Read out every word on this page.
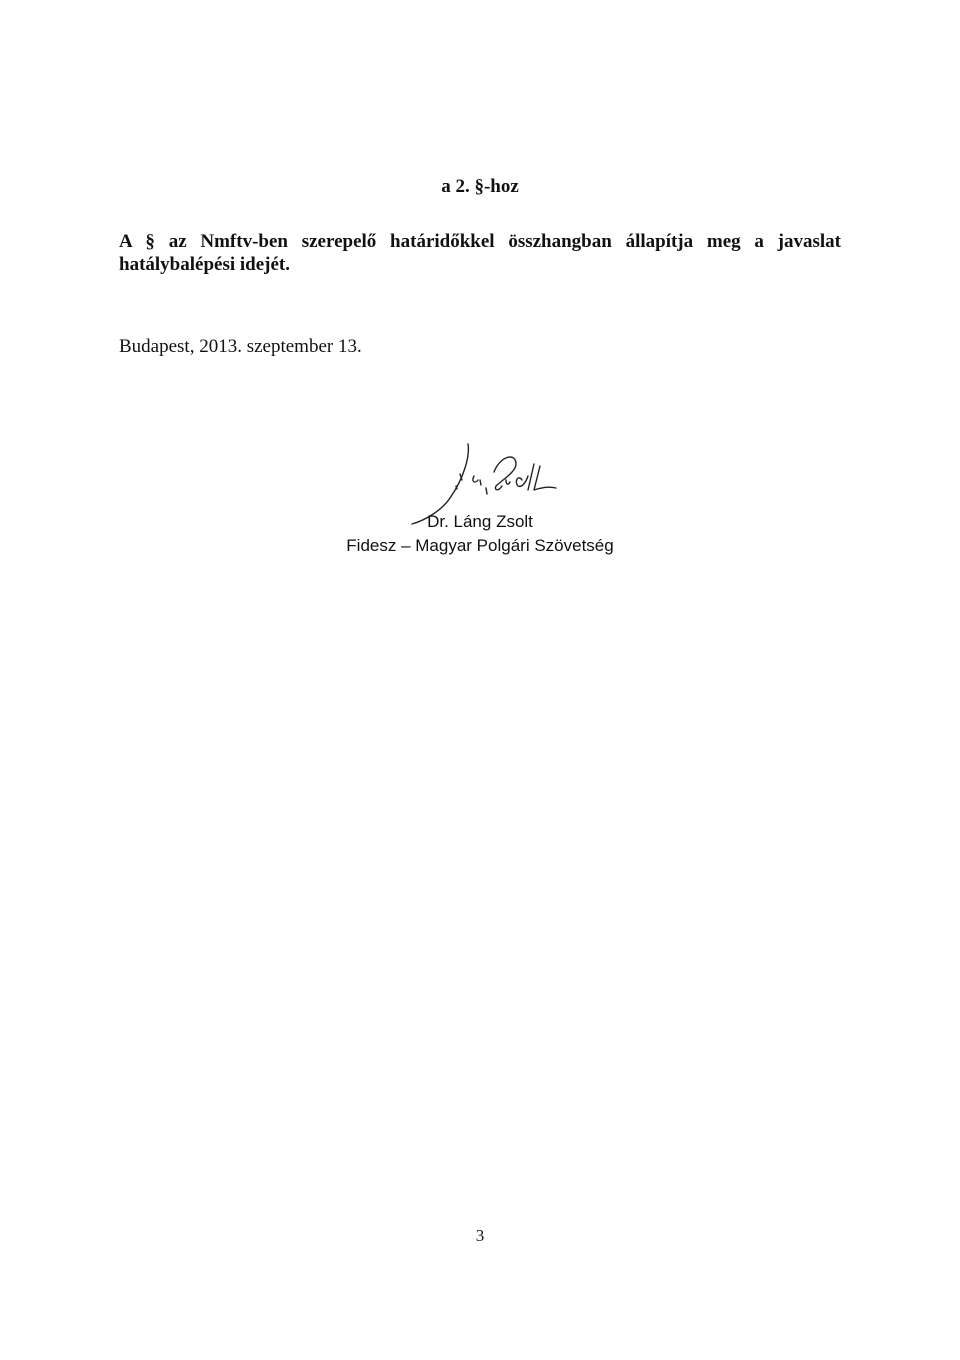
a 2. §-hoz
A § az Nmftv-ben szerepelő határidőkkel összhangban állapítja meg a javaslat hatálybalépési idejét.
Budapest, 2013. szeptember 13.
Dr. Láng Zsolt
Fidesz – Magyar Polgári Szövetség
3
